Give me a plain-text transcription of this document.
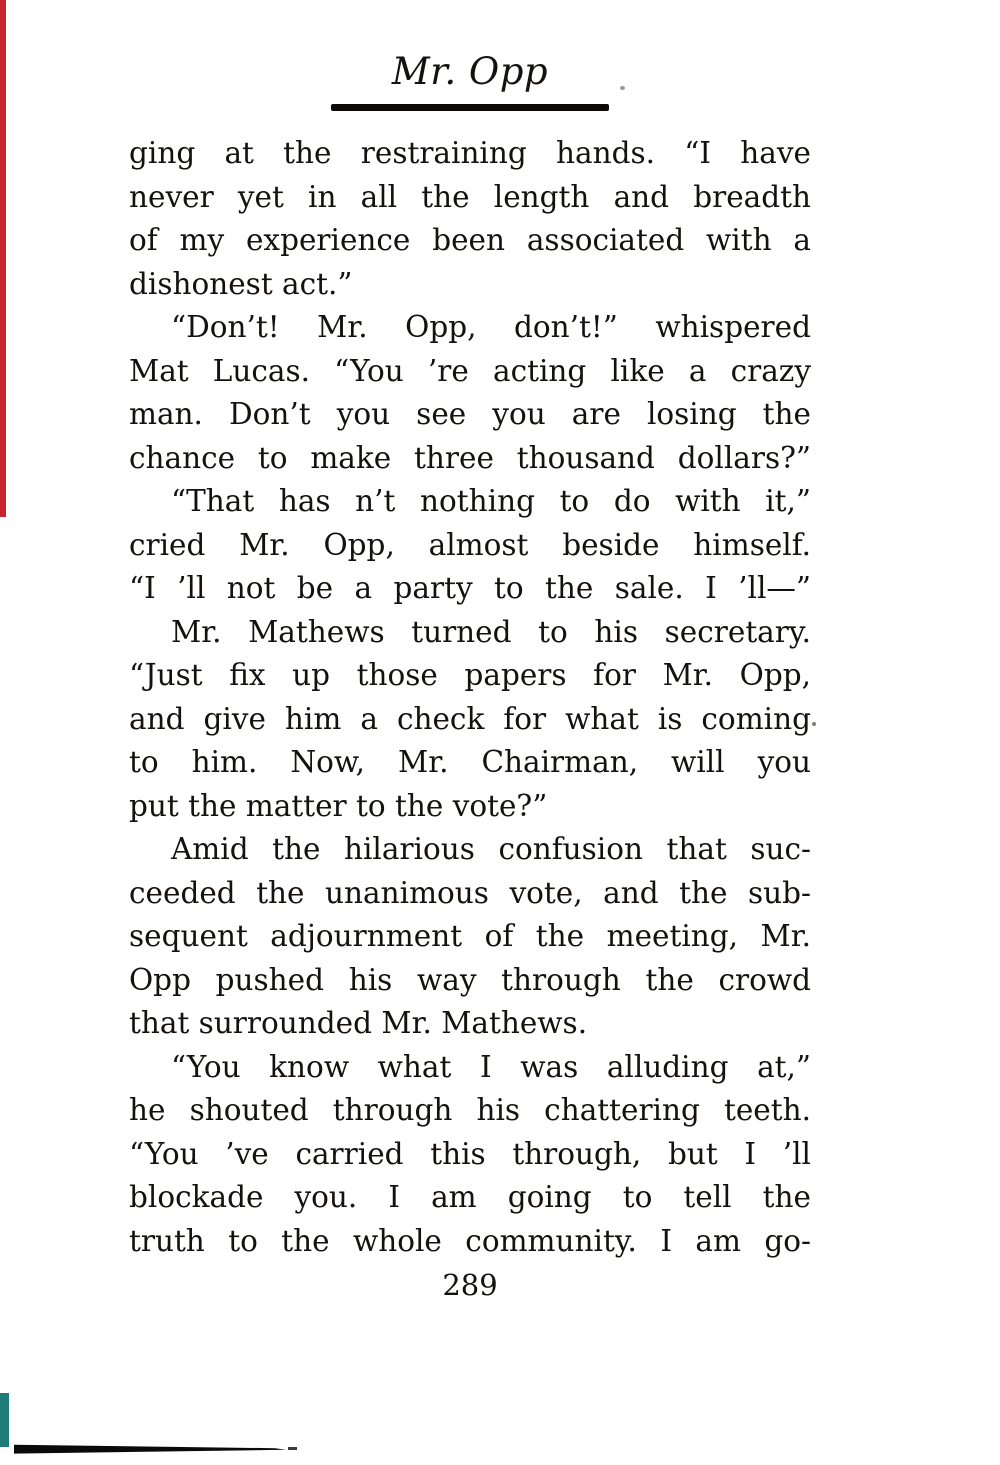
Mr. Opp
ging at the restraining hands. “I have
never yet in all the length and breadth
of my experience been associated with a
dishonest act.”
“Don’t! Mr. Opp, don’t!” whispered
Mat Lucas. “You ’re acting like a crazy
man. Don’t you see you are losing the
chance to make three thousand dollars?”
“That has n’t nothing to do with it,”
cried Mr. Opp, almost beside himself.
“I ’ll not be a party to the sale. I ’ll—”
Mr. Mathews turned to his secretary.
“Just fix up those papers for Mr. Opp,
and give him a check for what is coming
to him. Now, Mr. Chairman, will you
put the matter to the vote?”
Amid the hilarious confusion that suc-
ceeded the unanimous vote, and the sub-
sequent adjournment of the meeting, Mr.
Opp pushed his way through the crowd
that surrounded Mr. Mathews.
“You know what I was alluding at,”
he shouted through his chattering teeth.
“You ’ve carried this through, but I ’ll
blockade you. I am going to tell the
truth to the whole community. I am go-
289
